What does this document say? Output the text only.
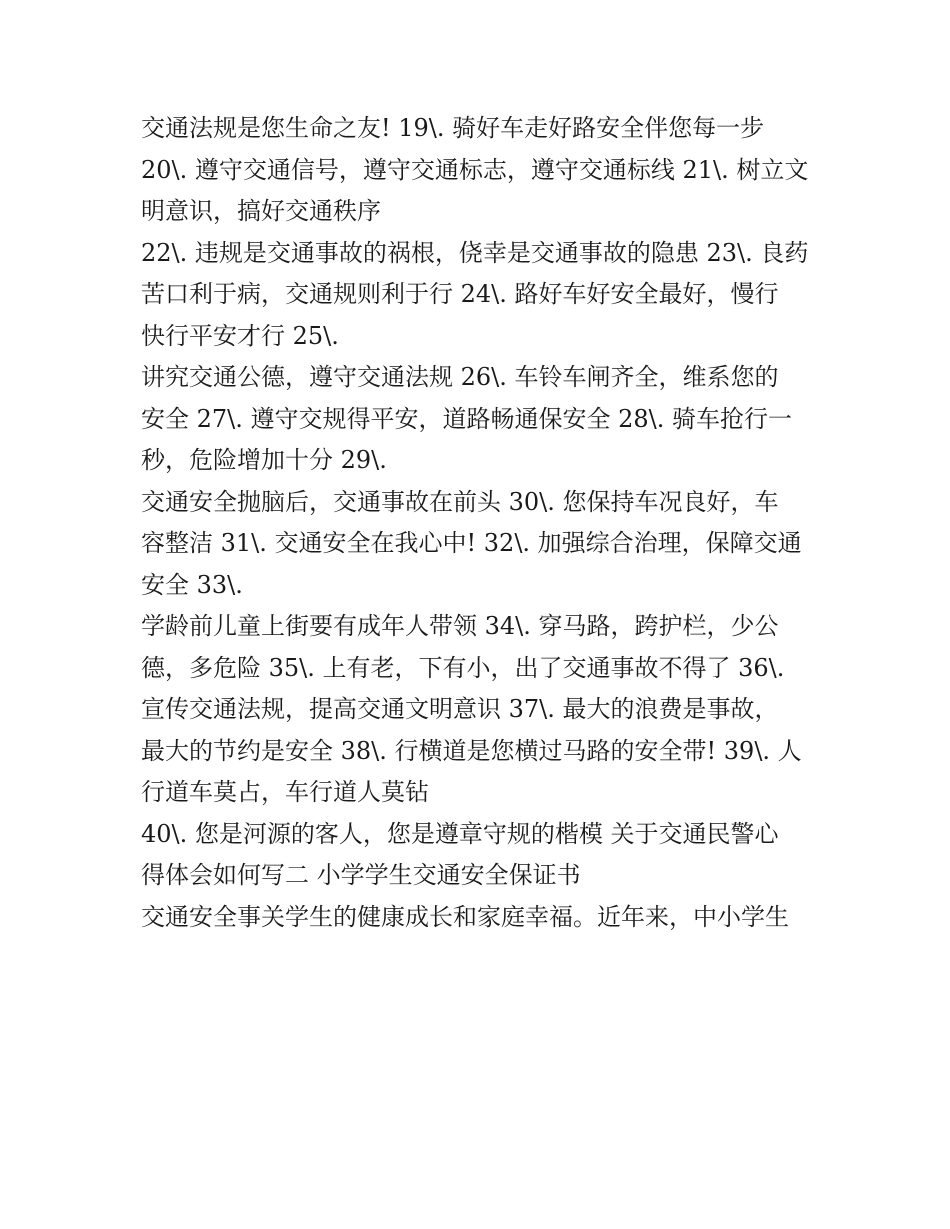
交通法规是您生命之友! 19\. 骑好车走好路安全伴您每一步
20\. 遵守交通信号，遵守交通标志，遵守交通标线 21\. 树立文
明意识，搞好交通秩序
22\. 违规是交通事故的祸根，侥幸是交通事故的隐患 23\. 良药
苦口利于病，交通规则利于行 24\. 路好车好安全最好，慢行
快行平安才行 25\.
讲究交通公德，遵守交通法规 26\. 车铃车闸齐全，维系您的
安全 27\. 遵守交规得平安，道路畅通保安全 28\. 骑车抢行一
秒，危险增加十分 29\.
交通安全抛脑后，交通事故在前头 30\. 您保持车况良好，车
容整洁 31\. 交通安全在我心中! 32\. 加强综合治理，保障交通
安全 33\.
学龄前儿童上街要有成年人带领 34\. 穿马路，跨护栏，少公
德，多危险 35\. 上有老，下有小，出了交通事故不得了 36\.
宣传交通法规，提高交通文明意识 37\. 最大的浪费是事故，
最大的节约是安全 38\. 行横道是您横过马路的安全带! 39\. 人
行道车莫占，车行道人莫钻
40\. 您是河源的客人，您是遵章守规的楷模 关于交通民警心
得体会如何写二 小学学生交通安全保证书
交通安全事关学生的健康成长和家庭幸福。近年来，中小学生
